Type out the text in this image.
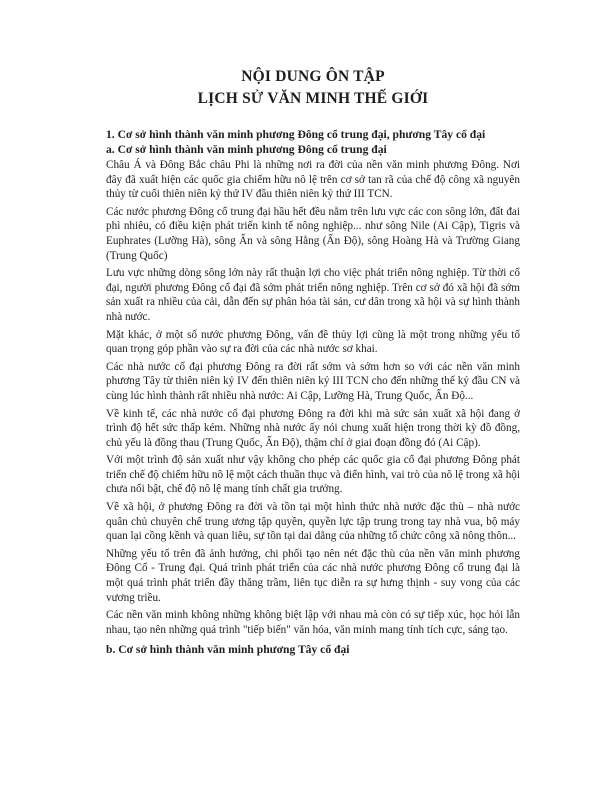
NỘI DUNG ÔN TẬP
LỊCH SỬ VĂN MINH THẾ GIỚI
1. Cơ sở hình thành văn minh phương Đông cổ trung đại, phương Tây cổ đại
a. Cơ sở hình thành văn minh phương Đông cổ trung đại

Châu Á và Đông Bắc châu Phi là những nơi ra đời của nền văn minh phương Đông. Nơi đây đã xuất hiện các quốc gia chiếm hữu nô lệ trên cơ sở tan rã của chế độ công xã nguyên thủy từ cuối thiên niên kỷ thứ IV đầu thiên niên kỷ thứ III TCN.

Các nước phương Đông cổ trung đại hầu hết đều nằm trên lưu vực các con sông lớn, đất đai phì nhiêu, có điều kiện phát triển kinh tế nông nghiệp... như sông Nile (Ai Cập), Tigris và Euphrates (Lưỡng Hà), sông Ấn và sông Hằng (Ấn Độ), sông Hoàng Hà và Trường Giang (Trung Quốc)

Lưu vực những dòng sông lớn này rất thuận lợi cho việc phát triển nông nghiệp. Từ thời cổ đại, người phương Đông cổ đại đã sớm phát triển nông nghiệp. Trên cơ sở đó xã hội đã sớm sản xuất ra nhiều của cải, dẫn đến sự phân hóa tài sản, cư dân trong xã hội và sự hình thành nhà nước.

Mặt khác, ở một số nước phương Đông, vấn đề thủy lợi cũng là một trong những yếu tố quan trọng góp phần vào sự ra đời của các nhà nước sơ khai.

Các nhà nước cổ đại phương Đông ra đời rất sớm và sớm hơn so với các nền văn minh phương Tây từ thiên niên kỷ IV đến thiên niên kỷ III TCN cho đến những thế kỷ đầu CN và cùng lúc hình thành rất nhiều nhà nước: Ai Cập, Lưỡng Hà, Trung Quốc, Ấn Độ...

Về kinh tế, các nhà nước cổ đại phương Đông ra đời khi mà sức sản xuất xã hội đang ở trình độ hết sức thấp kém. Những nhà nước ấy nói chung xuất hiện trong thời kỳ đồ đồng, chủ yếu là đồng thau (Trung Quốc, Ấn Độ), thậm chí ở giai đoạn đồng đỏ (Ai Cập).

Với một trình độ sản xuất như vậy không cho phép các quốc gia cổ đại phương Đông phát triển chế độ chiếm hữu nô lệ một cách thuần thục và điển hình, vai trò của nô lệ trong xã hội chưa nổi bật, chế độ nô lệ mang tính chất gia trưởng.

Về xã hội, ở phương Đông ra đời và tồn tại một hình thức nhà nước đặc thù – nhà nước quân chủ chuyên chế trung ương tập quyền, quyền lực tập trung trong tay nhà vua, bộ máy quan lại cồng kềnh và quan liêu, sự tồn tại dai dẳng của những tổ chức công xã nông thôn...

Những yếu tố trên đã ảnh hưởng, chi phối tạo nên nét đặc thù của nền văn minh phương Đông Cổ - Trung đại. Quá trình phát triển của các nhà nước phương Đông cổ trung đại là một quá trình phát triển đầy thăng trầm, liên tục diễn ra sự hưng thịnh - suy vong của các vương triều.

Các nền văn minh không những không biệt lập với nhau mà còn có sự tiếp xúc, học hỏi lẫn nhau, tạo nên những quá trình "tiếp biến" văn hóa, văn minh mang tính tích cực, sáng tạo.

b. Cơ sở hình thành văn minh phương Tây cổ đại
